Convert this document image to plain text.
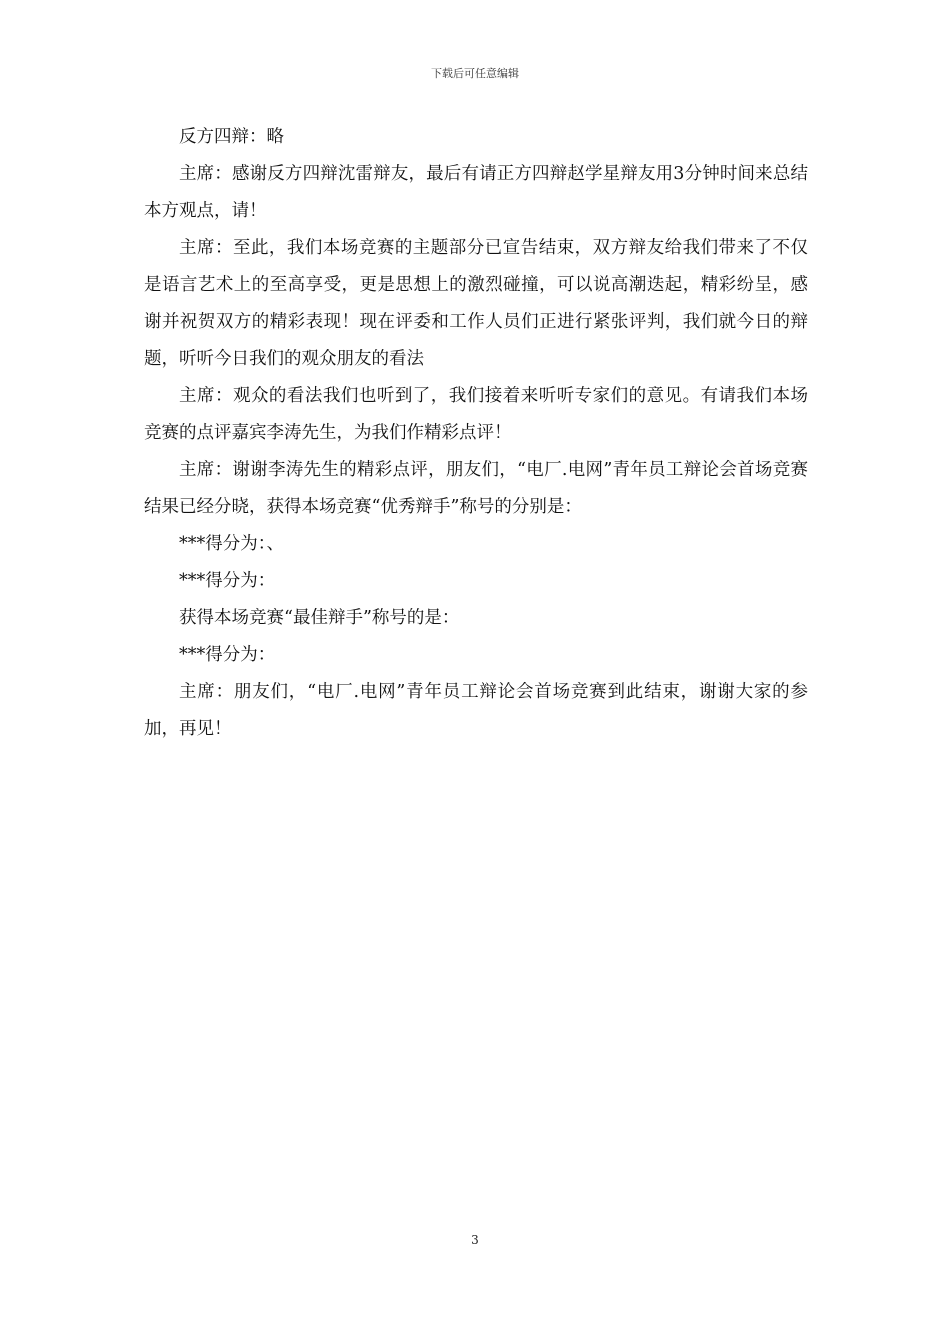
下载后可任意编辑

反方四辩：略

主席：感谢反方四辩沈雷辩友，最后有请正方四辩赵学星辩友用3分钟时间来总结本方观点，请！

主席：至此，我们本场竞赛的主题部分已宣告结束，双方辩友给我们带来了不仅是语言艺术上的至高享受，更是思想上的激烈碰撞，可以说高潮迭起，精彩纷呈，感谢并祝贺双方的精彩表现！现在评委和工作人员们正进行紧张评判，我们就今日的辩题，听听今日我们的观众朋友的看法

主席：观众的看法我们也听到了，我们接着来听听专家们的意见。有请我们本场竞赛的点评嘉宾李涛先生，为我们作精彩点评！

主席：谢谢李涛先生的精彩点评，朋友们，“电厂.电网”青年员工辩论会首场竞赛结果已经分晓，获得本场竞赛“优秀辩手”称号的分别是：

***得分为：、

***得分为：

获得本场竞赛“最佳辩手”称号的是：

***得分为：

主席：朋友们，“电厂.电网”青年员工辩论会首场竞赛到此结束，谢谢大家的参加，再见！

3
